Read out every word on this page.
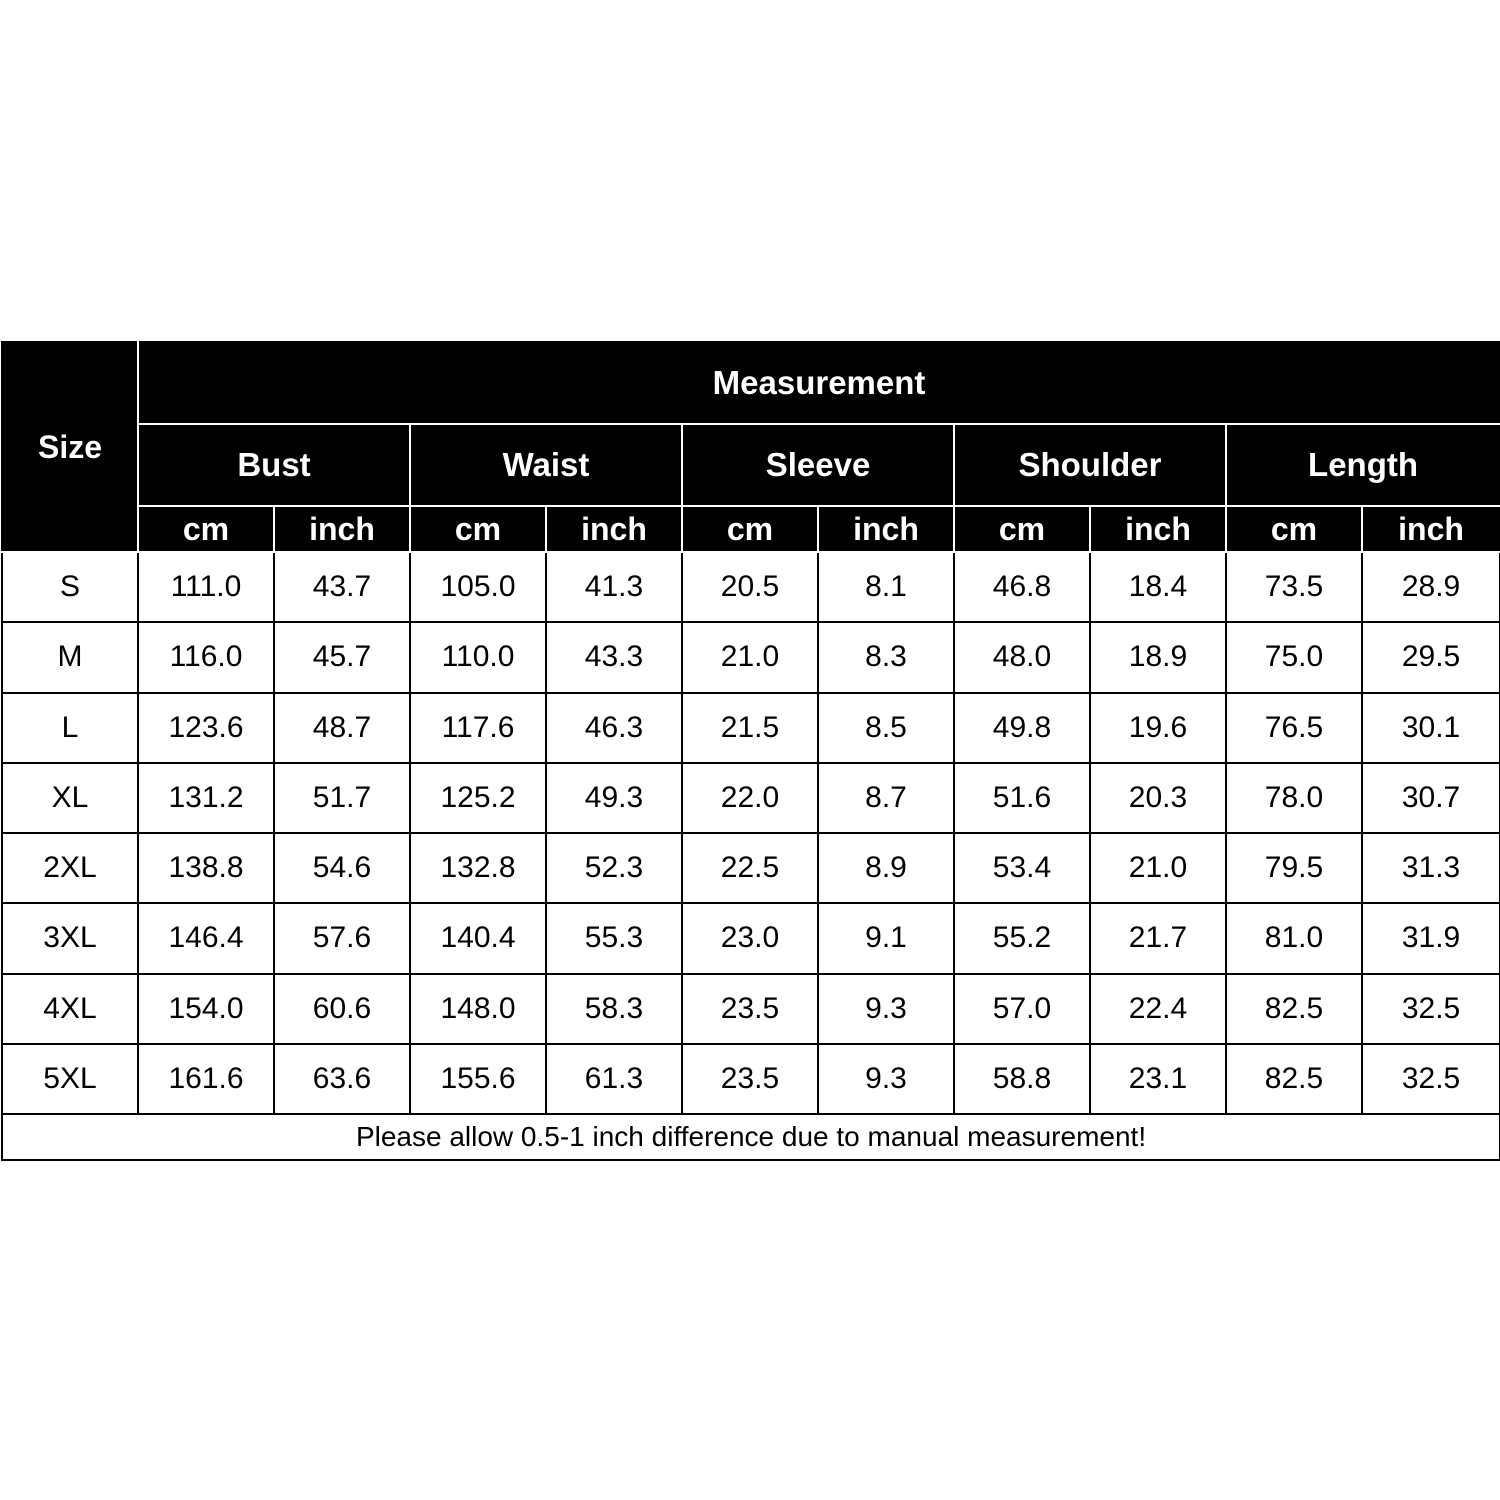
Size	Measurement									
	Bust		Waist		Sleeve		Shoulder		Length	
	cm	inch	cm	inch	cm	inch	cm	inch	cm	inch
S	111.0	43.7	105.0	41.3	20.5	8.1	46.8	18.4	73.5	28.9
M	116.0	45.7	110.0	43.3	21.0	8.3	48.0	18.9	75.0	29.5
L	123.6	48.7	117.6	46.3	21.5	8.5	49.8	19.6	76.5	30.1
XL	131.2	51.7	125.2	49.3	22.0	8.7	51.6	20.3	78.0	30.7
2XL	138.8	54.6	132.8	52.3	22.5	8.9	53.4	21.0	79.5	31.3
3XL	146.4	57.6	140.4	55.3	23.0	9.1	55.2	21.7	81.0	31.9
4XL	154.0	60.6	148.0	58.3	23.5	9.3	57.0	22.4	82.5	32.5
5XL	161.6	63.6	155.6	61.3	23.5	9.3	58.8	23.1	82.5	32.5
Please allow 0.5-1 inch difference due to manual measurement!										
